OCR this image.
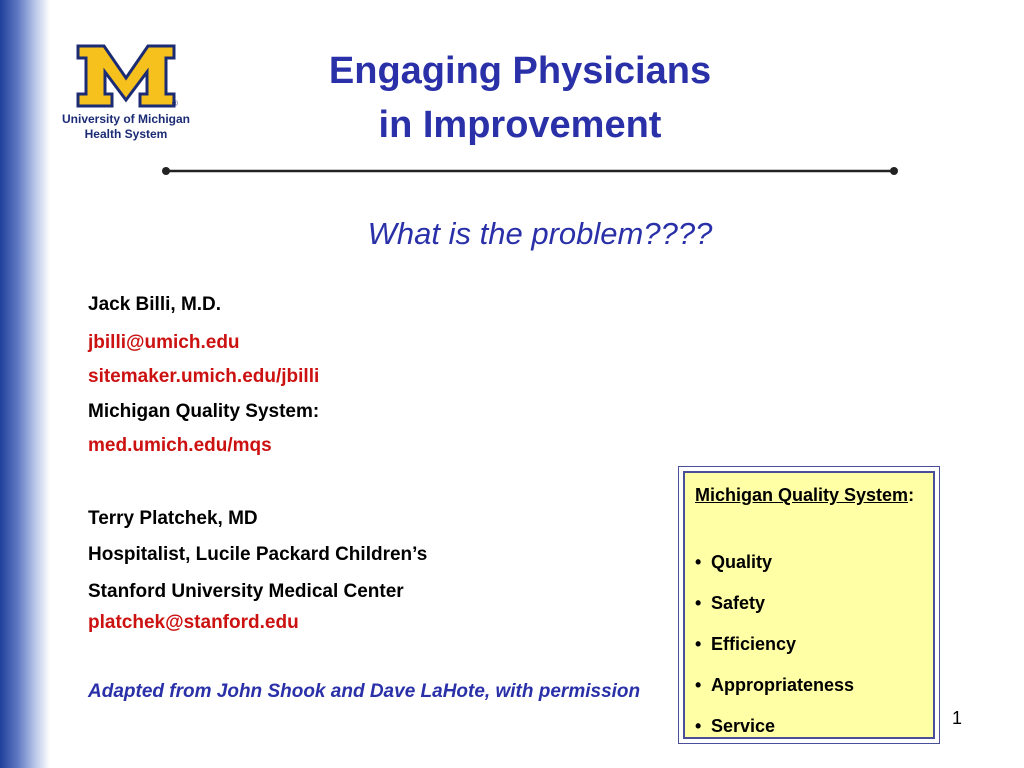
®
University of Michigan
Health System
Engaging Physicians
in Improvement
What is the problem????
Jack Billi, M.D.
jbilli@umich.edu
sitemaker.umich.edu/jbilli
Michigan Quality System:
med.umich.edu/mqs
Terry Platchek, MD
Hospitalist, Lucile Packard Children’s
Stanford University Medical Center
platchek@stanford.edu
Adapted from John Shook and Dave LaHote, with permission
Michigan Quality System:
• Quality
• Safety
• Efficiency
• Appropriateness
• Service	1
